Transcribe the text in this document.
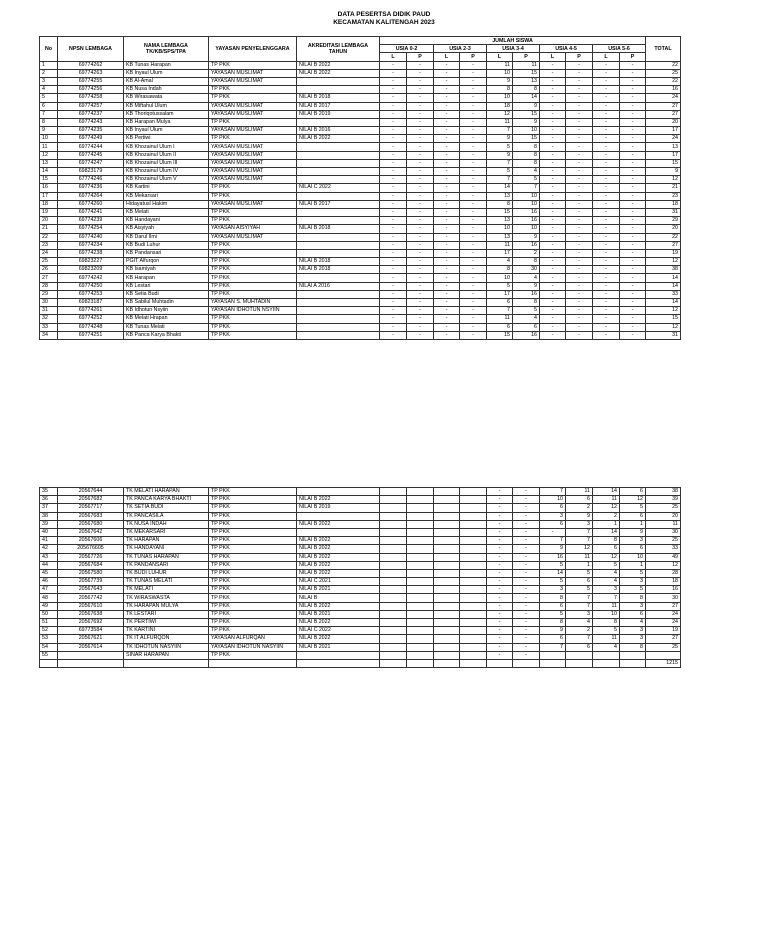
DATA PESERTSA DIDIK PAUD
KECAMATAN KALITENGAH 2023
No	NPSN LEMBAGA	NAMA LEMBAGA TK/KB/SPS/TPA	YAYASAN PENYELENGGARA	AKREDITASI LEMBAGA TAHUN	JUMLAH SISWA										TOTAL
					USIA 0-2		USIA 2-3		USIA 3-4		USIA 4-5		USIA 5-6		
					L	P	L	P	L	P	L	P	L	P	
1	69774262	KB Tunas Harapan	TP PKK	NILAI B 2022	-	-	-	-	11	11	-	-	-	-	22
2	69774263	KB Inyaul Ulum	YAYASAN MUSLIMAT	NILAI B 2022	-	-	-	-	10	15	-	-	-	-	25
3	69774255	KB Al-Amal	YAYASAN MUSLIMAT		-	-	-	-	9	13	-	-	-	-	22
4	69774256	KB Nusa Indah	TP PKK		-	-	-	-	8	8	-	-	-	-	16
5	69774258	KB Wirasawata	TP PKK	NILAI B 2018	-	-	-	-	10	14	-	-	-	-	24
6	69774257	KB Miftahul Ulum	YAYASAN MUSLIMAT	NILAI B 2017	-	-	-	-	18	9	-	-	-	-	27
7	69774237	KB Thoriqotussalam	YAYASAN MUSLIMAT	NILAI B 2019	-	-	-	-	12	15	-	-	-	-	27
8	69774243	KB Harapan Mulya	TP PKK		-	-	-	-	11	9	-	-	-	-	20
9	69774235	KB Inyaul Ulum	YAYASAN MUSLIMAT	NILAI B 2016	-	-	-	-	7	10	-	-	-	-	17
10	69774249	KB Pertiwi	TP PKK	NILAI B 2022	-	-	-	-	9	15	-	-	-	-	24
11	69774244	KB Khozainul Ulum I	YAYASAN MUSLIMAT		-	-	-	-	5	8	-	-	-	-	13
12	69774245	KB Khozainul Ulum II	YAYASAN MUSLIMAT		-	-	-	-	9	8	-	-	-	-	17
13	69774247	KB Khozainul Ulum III	YAYASAN MUSLIMAT		-	-	-	-	7	8	-	-	-	-	15
14	69823179	KB Khozainul Ulum IV	YAYASAN MUSLIMAT		-	-	-	-	5	4	-	-	-	-	9
15	67774246	KB Khozainul Ulum V	YAYASAN MUSLIMAT		-	-	-	-	7	5	-	-	-	-	12
16	69774236	KB Kartini	TP PKK	NILAI C 2022	-	-	-	-	14	7	-	-	-	-	21
17	69774264	KB Mekarsari	TP PKK		-	-	-	-	13	10	-	-	-	-	23
18	69774260	Hidayatusl Hakim	YAYASAN MUSLIMAT	NILAI B 2017	-	-	-	-	8	10	-	-	-	-	18
19	69774241	KB Melati	TP PKK		-	-	-	-	15	16	-	-	-	-	31
20	69774239	KB Handayani	TP PKK		-	-	-	-	13	16	-	-	-	-	29
21	69774254	KB Aisyiyah	YAYASAN AISYIYAH	NILAI B 2018	-	-	-	-	10	10	-	-	-	-	20
22	69774240	KB Darul Ilmi	YAYASAN MUSLIMAT		-	-	-	-	13	9	-	-	-	-	22
23	69774234	KB Budi Luhur	TP PKK		-	-	-	-	11	16	-	-	-	-	27
24	69774238	KB Pandansari	TP PKK		-	-	-	-	17	2	-	-	-	-	19
25	69823227	PGIT Alfurqon	TP PKK	NILAI B 2018	-	-	-	-	4	8	-	-	-	-	12
26	69823209	KB Isamiyah	TP PKK	NILAI B 2018	-	-	-	-	8	30	-	-	-	-	38
27	69774242	KB Harapan	TP PKK		-	-	-	-	10	4	-	-	-	-	14
28	69774250	KB Lestari	TP PKK	NILAI A 2016	-	-	-	-	5	9	-	-	-	-	14
29	69774253	KB Setia Budi	TP PKK		-	-	-	-	17	16	-	-	-	-	33
30	69823187	KB Sabilul Muhtadin	YAYASAN S. MUHTADIN		-	-	-	-	6	8	-	-	-	-	14
31	69774261	KB Idhotun Nsyiin	YAYASAN IDHOTUN NSYIIN		-	-	-	-	7	5	-	-	-	-	12
32	69774252	KB Melati Hrapan	TP PKK		-	-	-	-	11	4	-	-	-	-	15
33	69774248	KB Tunas Melati	TP PKK		-	-	-	-	6	6	-	-	-	-	12
34	69774251	KB Panca Karya Bhakti	TP PKK		-	-	-	-	15	16	-	-	-	-	31
35	20567644	TK MELATI HARAPAN	TP PKK						-	-	7	11	14	6	38
36	20567682	TK PANCA KARYA BHAKTI	TP PKK	NILAI B 2022					-	-	10	6	11	12	39
37	20567717	TK SETIA BUDI	TP PKK	NILAI B 2019					-	-	6	2	12	5	25
38	20567683	TK PANCASILA	TP PKK						-	-	3	9	2	6	20
39	20567680	TK NUSA INDAH	TP PKK	NILAI B 2022					-	-	6	3	1	1	11
40	20567642	TK MEKARSARI	TP PKK						-	-	-	7	14	9	30
41	20567606	TK HARAPAN	TP PKK	NILAI B 2022					-	-	7	7	8	3	25
42	205676605	TK HANDAYANI	TP PKK	NILAI B 2022					-	-	9	12	6	6	33
43	20567726	TK TUNAS HARAPAN	TP PKK	NILAI B 2022					-	-	16	11	12	10	49
44	20567684	TK PANDANSARI	TP PKK	NILAI B 2022					-	-	5	1	5	1	12
45	20567580	TK BUDI LUHUR	TP PKK	NILAI B 2022					-	-	14	5	4	5	28
46	20567739	TK TUNAS MELATI	TP PKK	NILAI C 2021					-	-	5	6	4	3	18
47	20567643	TK MELATI	TP PKK	NILAI B 2021					-	-	3	5	3	5	16
48	20567742	TK WIRASWASTA	TP PKK	NILAI B					-	-	8	7	7	8	30
49	20567610	TK HARAPAN MULYA	TP PKK	NILAI B 2022					-	-	6	7	11	3	27
50	20567638	TK LESTARI	TP PKK	NILAI B 2021					-	-	5	3	10	6	24
51	20567692	TK PERTIWI	TP PKK	NILAI B 2022					-	-	8	4	8	4	24
52	69773584	TK KARTINI	TP PKK	NILAI C 2022					-	-	9	2	5	3	19
53	20567621	TK IT ALFURQON	YAYASAN ALFURQAN	NILAI B 2022					-	-	6	7	11	3	27
54	20567614	TK IDHOTUN NASYIIN	YAYASAN IDHOTUN NASYIIN	NILAI B 2021					-	-	7	6	4	8	25
55		SINAR HARAPAN	TP PKK						-	-					
															1215
